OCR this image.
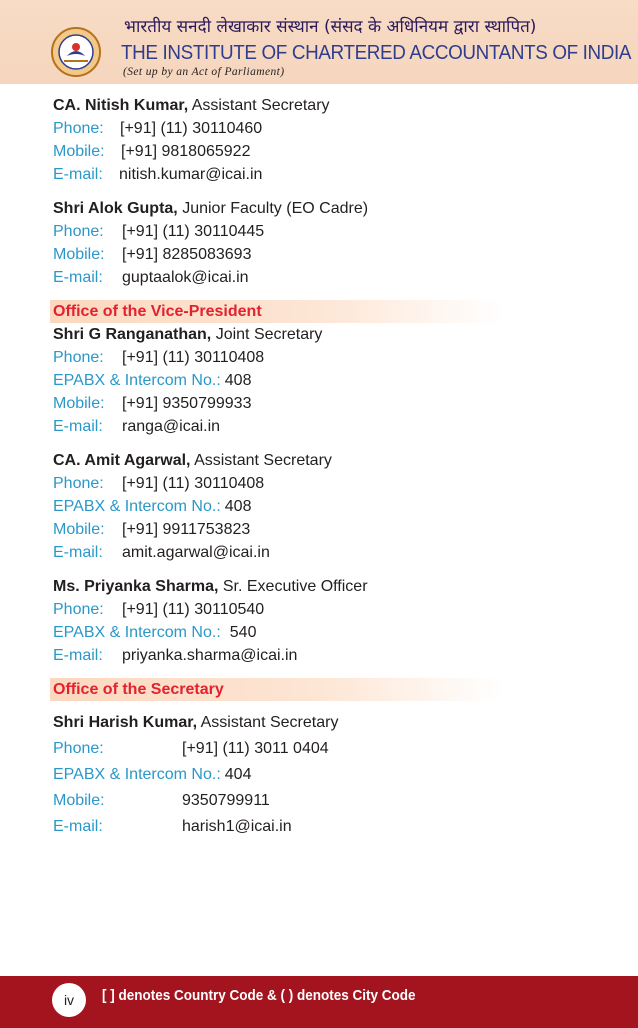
भारतीय सनदी लेखाकार संस्थान (संसद के अधिनियम द्वारा स्थापित)
THE INSTITUTE OF CHARTERED ACCOUNTANTS OF INDIA
(Set up by an Act of Parliament)
CA. Nitish Kumar, Assistant Secretary
Phone: [+91] (11) 30110460
Mobile: [+91] 9818065922
E-mail: nitish.kumar@icai.in
Shri Alok Gupta, Junior Faculty (EO Cadre)
Phone: [+91] (11) 30110445
Mobile: [+91] 8285083693
E-mail: guptaalok@icai.in
Office of the Vice-President
Shri G Ranganathan, Joint Secretary
Phone: [+91] (11) 30110408
EPABX & Intercom No.: 408
Mobile: [+91] 9350799933
E-mail: ranga@icai.in
CA. Amit Agarwal, Assistant Secretary
Phone: [+91] (11) 30110408
EPABX & Intercom No.: 408
Mobile: [+91] 9911753823
E-mail: amit.agarwal@icai.in
Ms. Priyanka Sharma, Sr. Executive Officer
Phone: [+91] (11) 30110540
EPABX & Intercom No.: 540
E-mail: priyanka.sharma@icai.in
Office of the Secretary
Shri Harish Kumar, Assistant Secretary
Phone:	[+91] (11) 3011 0404
EPABX & Intercom No.: 404
Mobile:	9350799911
E-mail:	harish1@icai.in
iv	[ ] denotes Country Code & ( ) denotes City Code
